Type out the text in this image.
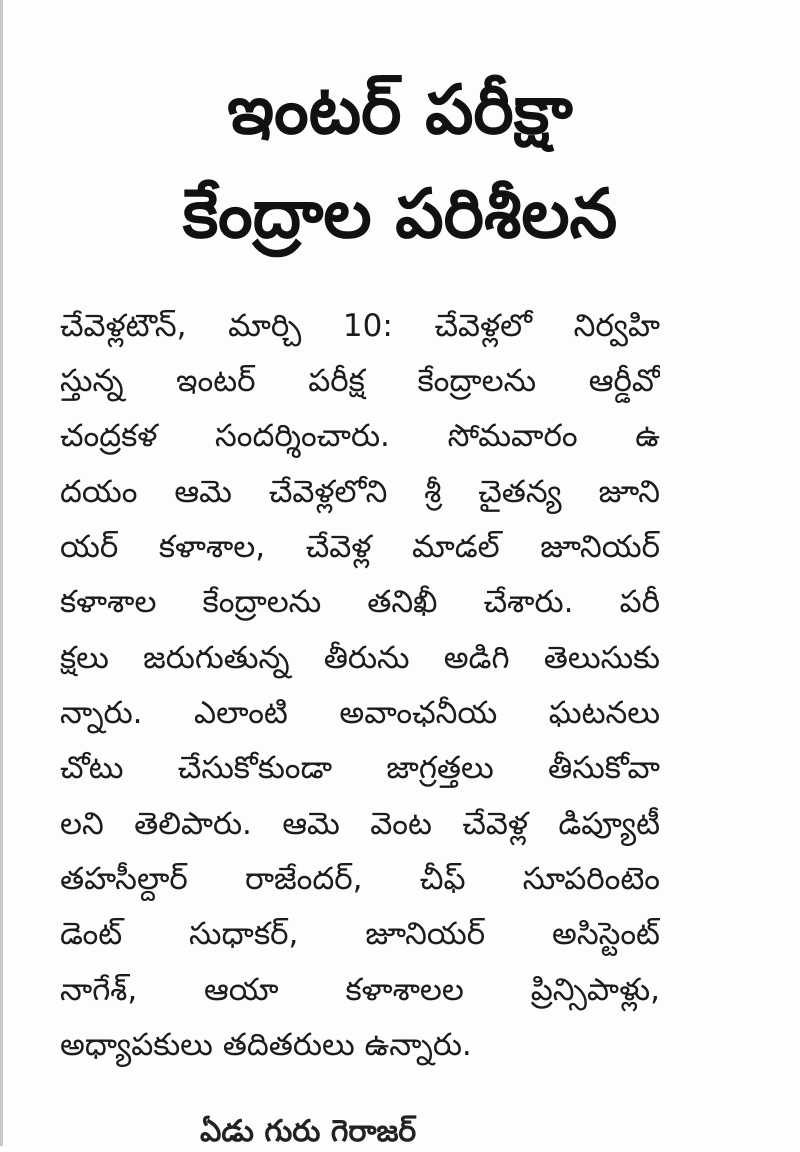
ఇంటర్ పరీక్షా
కేంద్రాల పరిశీలన
చేవెళ్లటౌన్, మార్చి 10: చేవెళ్లలో నిర్వహి
స్తున్న ఇంటర్ పరీక్ష కేంద్రాలను ఆర్డీవో
చంద్రకళ సందర్శించారు. సోమవారం ఉ
దయం ఆమె చేవెళ్లలోని శ్రీ చైతన్య జూని
యర్ కళాశాల, చేవెళ్ల మాడల్ జూనియర్
కళాశాల కేంద్రాలను తనిఖీ చేశారు. పరీ
క్షలు జరుగుతున్న తీరును అడిగి తెలుసుకు
న్నారు. ఎలాంటి అవాంఛనీయ ఘటనలు
చోటు చేసుకోకుండా జాగ్రత్తలు తీసుకోవా
లని తెలిపారు. ఆమె వెంట చేవెళ్ల డిప్యూటీ
తహసీల్దార్ రాజేందర్, చీఫ్ సూపరింటెం
డెంట్ సుధాకర్, జూనియర్ అసిస్టెంట్
నాగేశ్, ఆయా కళాశాలల ప్రిన్సిపాళ్లు,
అధ్యాపకులు తదితరులు ఉన్నారు.
ఏడు గురు గెరాజర్
